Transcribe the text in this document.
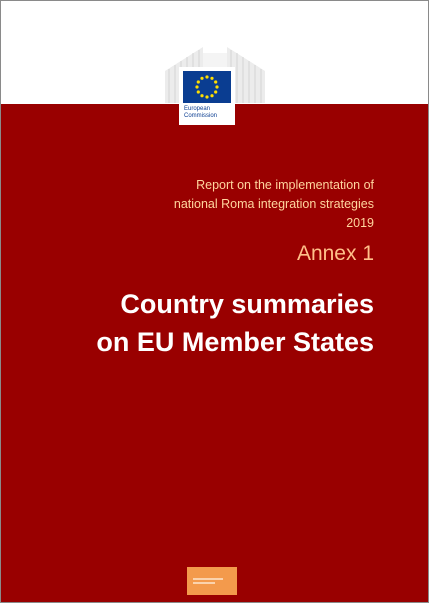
European
Commission
Report on the implementation of
national Roma integration strategies
2019
Annex 1
Country summaries
on EU Member States
